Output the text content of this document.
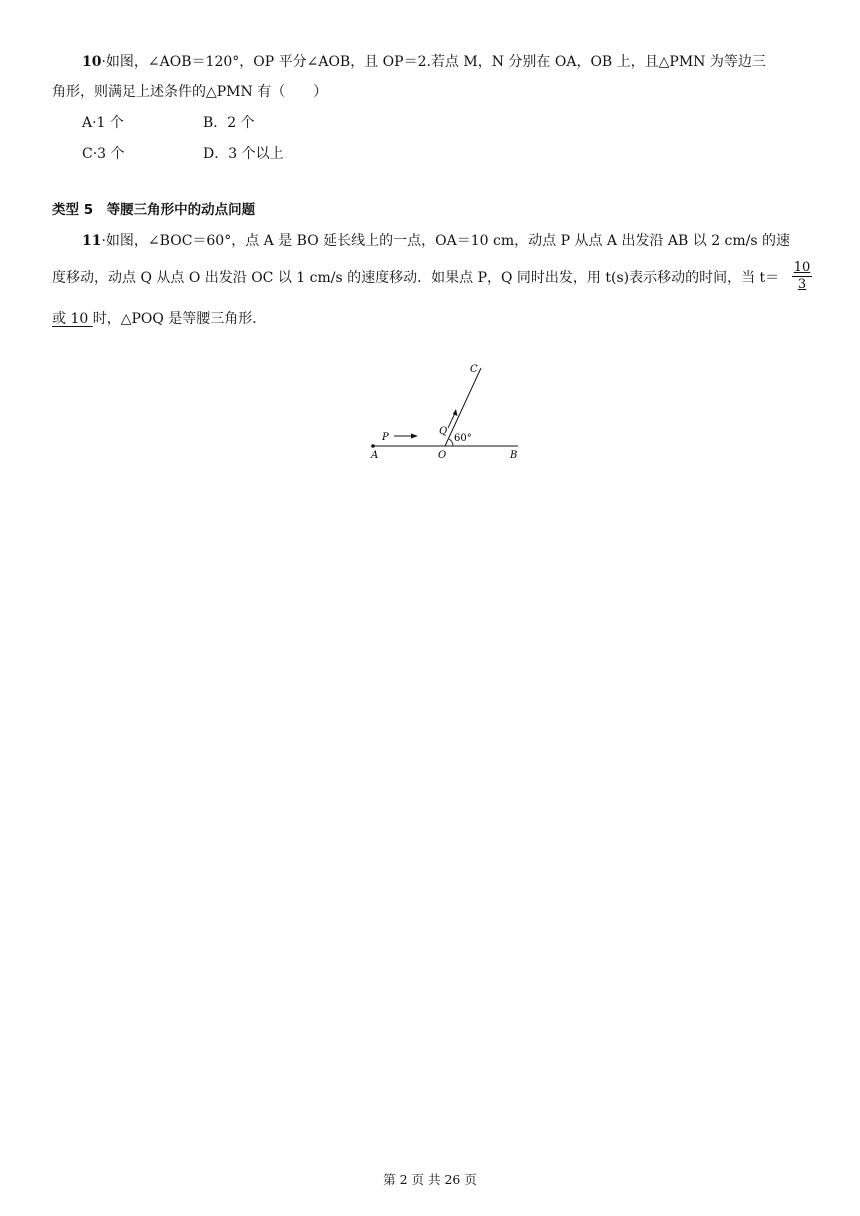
10·如图，∠AOB＝120°，OP 平分∠AOB，且 OP＝2.若点 M，N 分别在 OA，OB 上，且△PMN 为等边三
角形，则满足上述条件的△PMN 有（　　）
A·1 个	B．2 个
C·3 个	D．3 个以上
类型 5　等腰三角形中的动点问题
11·如图，∠BOC＝60°，点 A 是 BO 延长线上的一点，OA＝10 cm，动点 P 从点 A 出发沿 AB 以 2 cm/s 的速
度移动，动点 Q 从点 O 出发沿 OC 以 1 cm/s 的速度移动．如果点 P，Q 同时出发，用 t(s)表示移动的时间，当 $t= \frac{10}{3}$
或 10 时，△POQ 是等腰三角形．
C
Q
P
A	O	B
60°
第 2 页 共 26 页
